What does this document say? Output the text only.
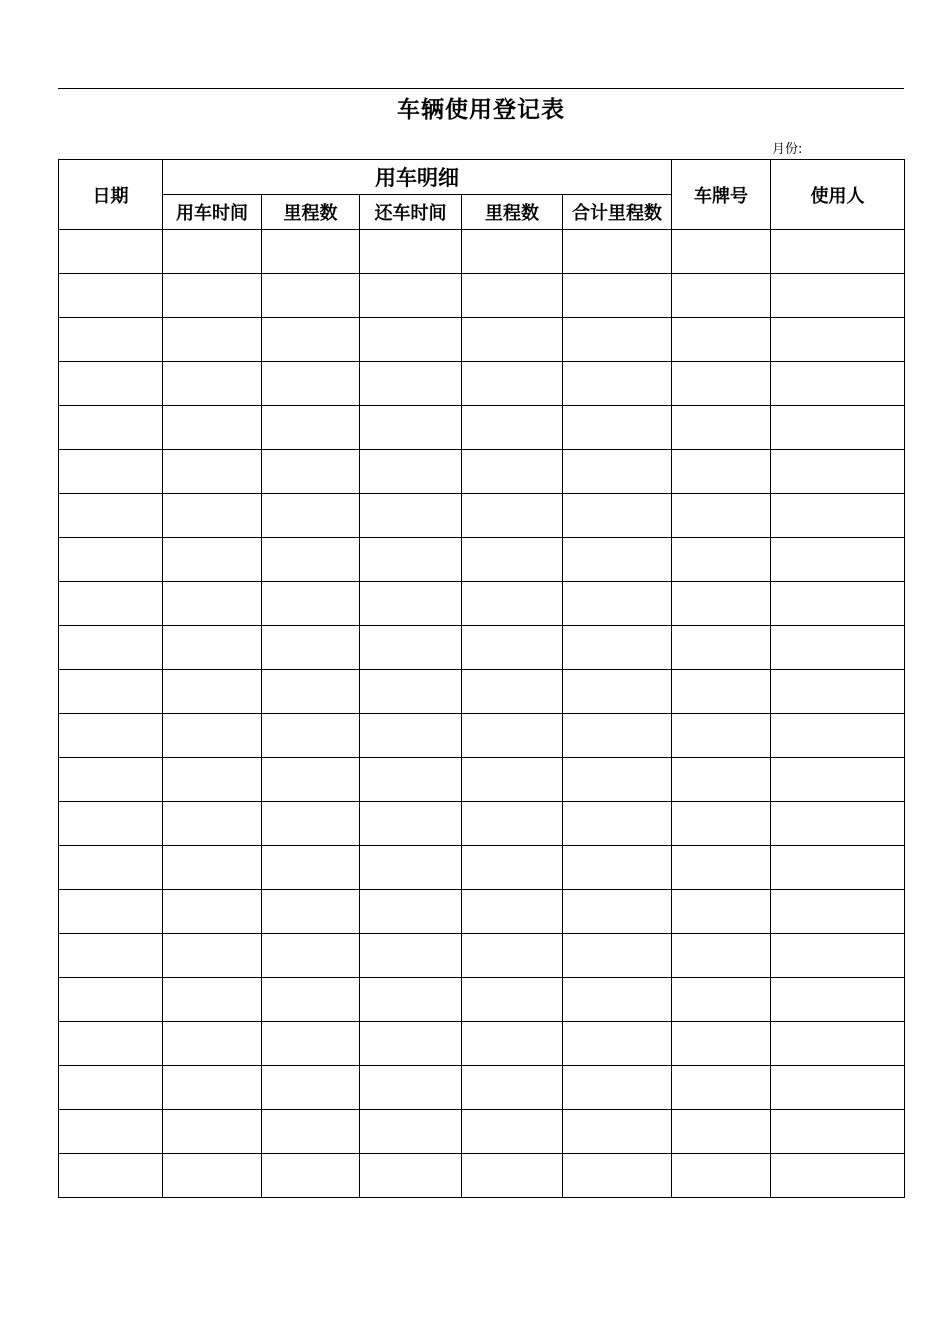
车辆使用登记表
月份:
日期	用车明细					车牌号	使用人
	用车时间	里程数	还车时间	里程数	合计里程数		
